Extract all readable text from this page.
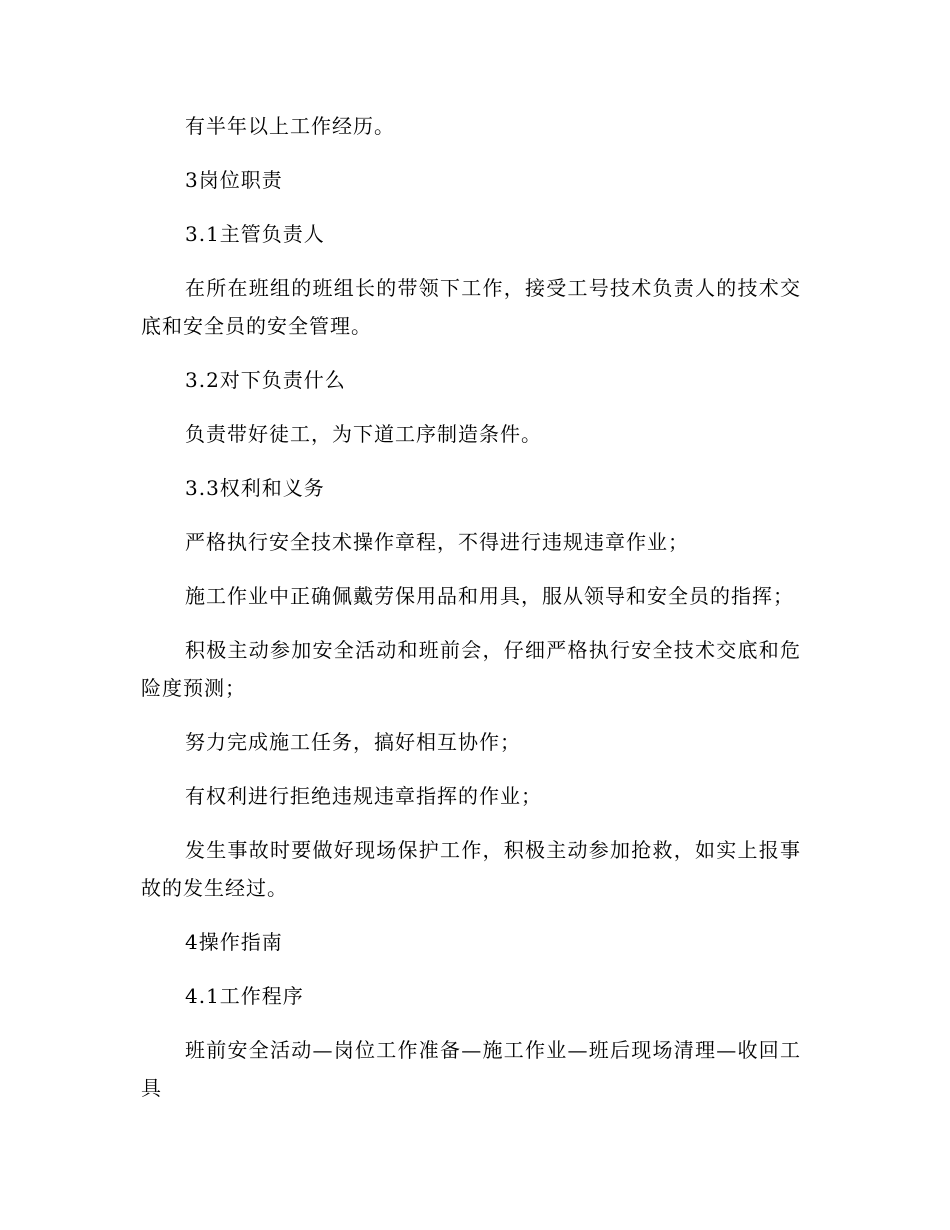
有半年以上工作经历。

3岗位职责

3.1主管负责人

在所在班组的班组长的带领下工作，接受工号技术负责人的技术交底和安全员的安全管理。

3.2对下负责什么

负责带好徒工，为下道工序制造条件。

3.3权利和义务

严格执行安全技术操作章程，不得进行违规违章作业；

施工作业中正确佩戴劳保用品和用具，服从领导和安全员的指挥；

积极主动参加安全活动和班前会，仔细严格执行安全技术交底和危险度预测；

努力完成施工任务，搞好相互协作；

有权利进行拒绝违规违章指挥的作业；

发生事故时要做好现场保护工作，积极主动参加抢救，如实上报事故的发生经过。

4操作指南

4.1工作程序

班前安全活动—岗位工作准备—施工作业—班后现场清理—收回工具
